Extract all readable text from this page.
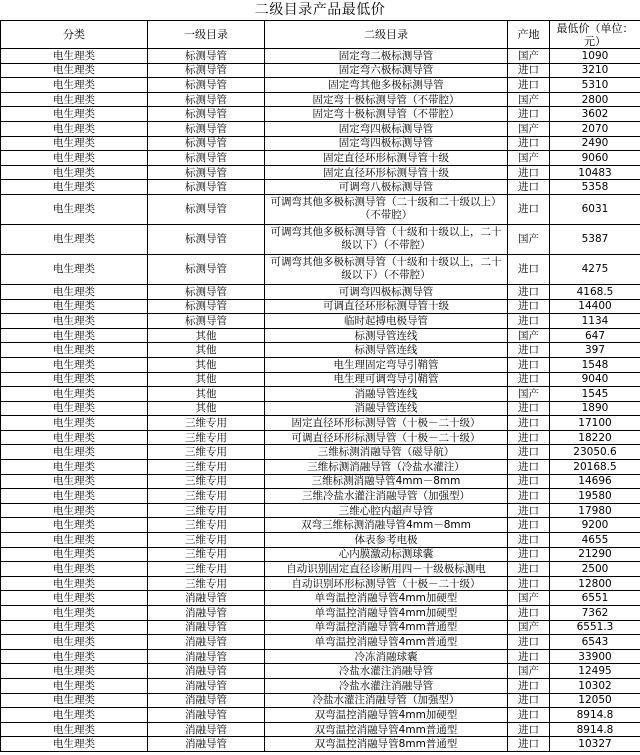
二级目录产品最低价
分类	一级目录	二级目录	产地	最低价（单位：元）
电生理类	标测导管	固定弯二极标测导管	国产	1090
电生理类	标测导管	固定弯六极标测导管	进口	3210
电生理类	标测导管	固定弯其他多极标测导管	进口	5310
电生理类	标测导管	固定弯十极标测导管（不带腔）	国产	2800
电生理类	标测导管	固定弯十极标测导管（不带腔）	进口	3602
电生理类	标测导管	固定弯四极标测导管	国产	2070
电生理类	标测导管	固定弯四极标测导管	进口	2490
电生理类	标测导管	固定直径环形标测导管十级	国产	9060
电生理类	标测导管	固定直径环形标测导管十级	进口	10483
电生理类	标测导管	可调弯八极标测导管	进口	5358
电生理类	标测导管	可调弯其他多极标测导管（二十级和二十级以上）（不带腔）	进口	6031
电生理类	标测导管	可调弯其他多极标测导管（十级和十级以上，二十级以下）（不带腔）	国产	5387
电生理类	标测导管	可调弯其他多极标测导管（十级和十级以上，二十级以下）（不带腔）	进口	4275
电生理类	标测导管	可调弯四极标测导管	进口	4168.5
电生理类	标测导管	可调直径环形标测导管十级	进口	14400
电生理类	标测导管	临时起搏电极导管	进口	1134
电生理类	其他	标测导管连线	国产	647
电生理类	其他	标测导管连线	进口	397
电生理类	其他	电生理固定弯导引鞘管	进口	1548
电生理类	其他	电生理可调弯导引鞘管	进口	9040
电生理类	其他	消融导管连线	国产	1545
电生理类	其他	消融导管连线	进口	1890
电生理类	三维专用	固定直径环形标测导管（十极－二十级）	进口	17100
电生理类	三维专用	可调直径环形标测导管（十极－二十级）	进口	18220
电生理类	三维专用	三维标测消融导管（磁导航）	进口	23050.6
电生理类	三维专用	三维标测消融导管（冷盐水灌注）	进口	20168.5
电生理类	三维专用	三维标测消融导管4mm－8mm	进口	14696
电生理类	三维专用	三维冷盐水灌注消融导管（加强型）	进口	19580
电生理类	三维专用	三维心腔内超声导管	进口	17980
电生理类	三维专用	双弯三维标测消融导管4mm－8mm	进口	9200
电生理类	三维专用	体表参考电极	进口	4655
电生理类	三维专用	心内膜激动标测球囊	进口	21290
电生理类	三维专用	自动识别固定直径诊断用四－十级极标测电	进口	2500
电生理类	三维专用	自动识别环形标测导管（十极－二十级）	进口	12800
电生理类	消融导管	单弯温控消融导管4mm加硬型	国产	6551
电生理类	消融导管	单弯温控消融导管4mm加硬型	进口	7362
电生理类	消融导管	单弯温控消融导管4mm普通型	国产	6551.3
电生理类	消融导管	单弯温控消融导管4mm普通型	进口	6543
电生理类	消融导管	冷冻消融球囊	进口	33900
电生理类	消融导管	冷盐水灌注消融导管	国产	12495
电生理类	消融导管	冷盐水灌注消融导管	进口	10302
电生理类	消融导管	冷盐水灌注消融导管（加强型）	进口	12050
电生理类	消融导管	双弯温控消融导管4mm加硬型	进口	8914.8
电生理类	消融导管	双弯温控消融导管4mm普通型	进口	8914.8
电生理类	消融导管	双弯温控消融导管8mm普通型	进口	10327
